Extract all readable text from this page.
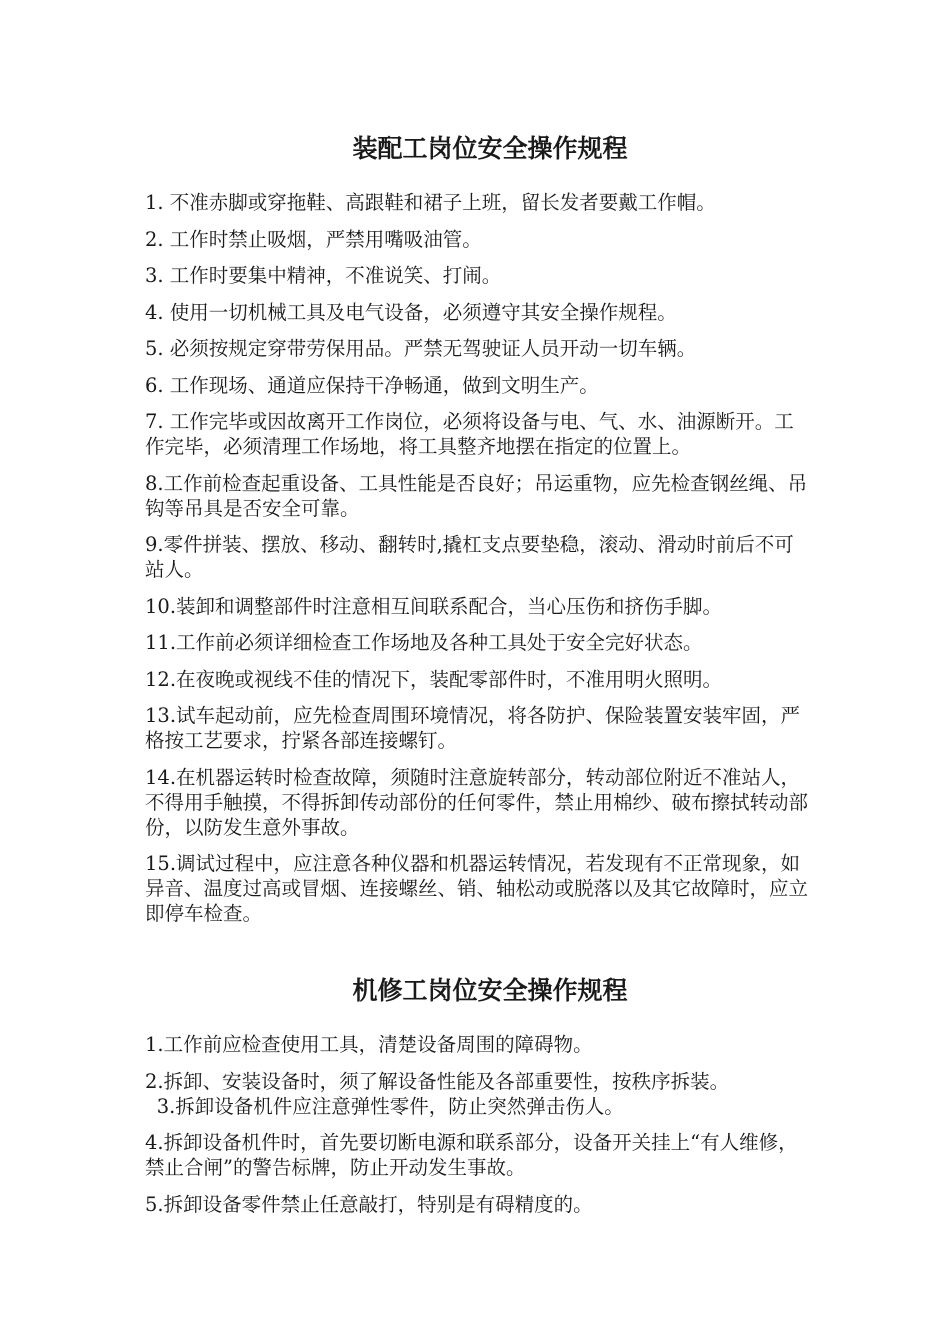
装配工岗位安全操作规程
1. 不准赤脚或穿拖鞋、高跟鞋和裙子上班，留长发者要戴工作帽。
2. 工作时禁止吸烟，严禁用嘴吸油管。
3. 工作时要集中精神，不准说笑、打闹。
4. 使用一切机械工具及电气设备，必须遵守其安全操作规程。
5. 必须按规定穿带劳保用品。严禁无驾驶证人员开动一切车辆。
6. 工作现场、通道应保持干净畅通，做到文明生产。
7. 工作完毕或因故离开工作岗位，必须将设备与电、气、水、油源断开。工作完毕，必须清理工作场地，将工具整齐地摆在指定的位置上。
8.工作前检查起重设备、工具性能是否良好；吊运重物，应先检查钢丝绳、吊钩等吊具是否安全可靠。
9.零件拼装、摆放、移动、翻转时,撬杠支点要垫稳，滚动、滑动时前后不可站人。
10.装卸和调整部件时注意相互间联系配合，当心压伤和挤伤手脚。
11.工作前必须详细检查工作场地及各种工具处于安全完好状态。
12.在夜晚或视线不佳的情况下，装配零部件时，不准用明火照明。
13.试车起动前，应先检查周围环境情况，将各防护、保险装置安装牢固，严格按工艺要求，拧紧各部连接螺钉。
14.在机器运转时检查故障，须随时注意旋转部分，转动部位附近不准站人，不得用手触摸，不得拆卸传动部份的任何零件，禁止用棉纱、破布擦拭转动部份，以防发生意外事故。
15.调试过程中，应注意各种仪器和机器运转情况，若发现有不正常现象，如异音、温度过高或冒烟、连接螺丝、销、轴松动或脱落以及其它故障时，应立即停车检查。
机修工岗位安全操作规程
1.工作前应检查使用工具，清楚设备周围的障碍物。
2.拆卸、安装设备时，须了解设备性能及各部重要性，按秩序拆装。
3.拆卸设备机件应注意弹性零件，防止突然弹击伤人。
4.拆卸设备机件时，首先要切断电源和联系部分，设备开关挂上“有人维修，禁止合闸”的警告标牌，防止开动发生事故。
5.拆卸设备零件禁止任意敲打，特别是有碍精度的。
